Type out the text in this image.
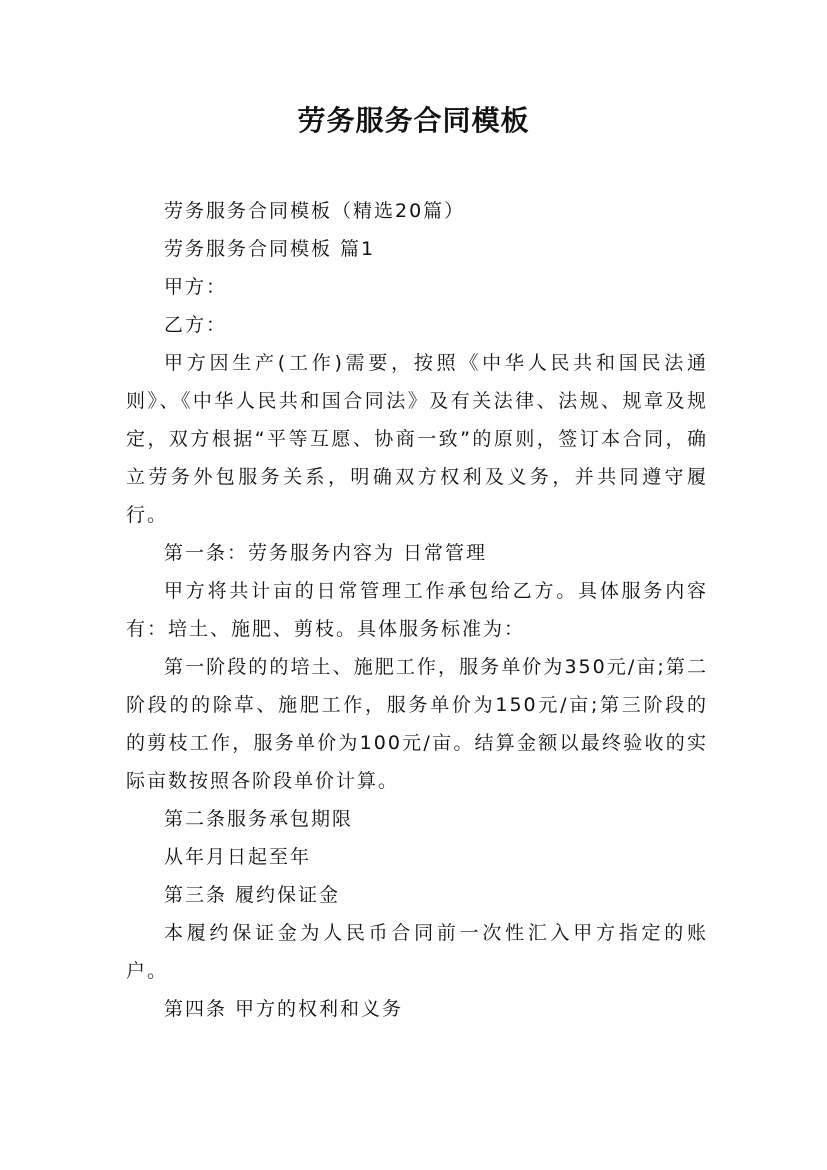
劳务服务合同模板

劳务服务合同模板（精选20篇）

劳务服务合同模板 篇1

甲方：

乙方：

甲方因生产(工作)需要，按照《中华人民共和国民法通则》、《中华人民共和国合同法》及有关法律、法规、规章及规定，双方根据“平等互愿、协商一致”的原则，签订本合同，确立劳务外包服务关系，明确双方权利及义务，并共同遵守履行。

第一条：劳务服务内容为 日常管理

甲方将共计亩的日常管理工作承包给乙方。具体服务内容有：培土、施肥、剪枝。具体服务标准为：

第一阶段的的培土、施肥工作，服务单价为350元/亩;第二阶段的的除草、施肥工作，服务单价为150元/亩;第三阶段的的剪枝工作，服务单价为100元/亩。结算金额以最终验收的实际亩数按照各阶段单价计算。

第二条服务承包期限

从年月日起至年

第三条 履约保证金

本履约保证金为人民币合同前一次性汇入甲方指定的账户。

第四条 甲方的权利和义务
